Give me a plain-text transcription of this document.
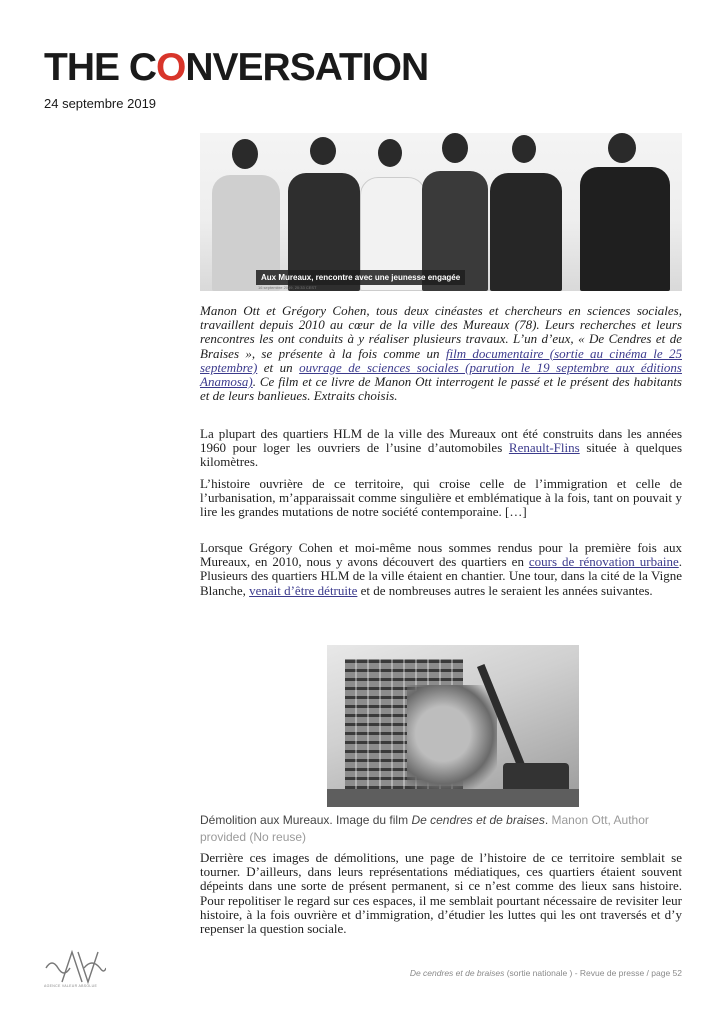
THE CONVERSATION
24 septembre 2019
Aux Mureaux, rencontre avec une jeunesse engagée
16 septembre 2019, 20:33 CEST
Manon Ott et Grégory Cohen, tous deux cinéastes et chercheurs en sciences sociales, travaillent depuis 2010 au cœur de la ville des Mureaux (78). Leurs recherches et leurs rencontres les ont conduits à y réaliser plusieurs travaux. L’un d’eux, « De Cendres et de Braises », se présente à la fois comme un film documentaire (sortie au cinéma le 25 septembre) et un ouvrage de sciences sociales (parution le 19 septembre aux éditions Anamosa). Ce film et ce livre de Manon Ott interrogent le passé et le présent des habitants et de leurs banlieues. Extraits choisis.
La plupart des quartiers HLM de la ville des Mureaux ont été construits dans les années 1960 pour loger les ouvriers de l’usine d’automobiles Renault-Flins située à quelques kilomètres.
L’histoire ouvrière de ce territoire, qui croise celle de l’immigration et celle de l’urbanisation, m’apparaissait comme singulière et emblématique à la fois, tant on pouvait y lire les grandes mutations de notre société contemporaine. […]
Lorsque Grégory Cohen et moi-même nous sommes rendus pour la première fois aux Mureaux, en 2010, nous y avons découvert des quartiers en cours de rénovation urbaine. Plusieurs des quartiers HLM de la ville étaient en chantier. Une tour, dans la cité de la Vigne Blanche, venait d’être détruite et de nombreuses autres le seraient les années suivantes.
Démolition aux Mureaux. Image du film De cendres et de braises. Manon Ott, Author provided (No reuse)
Derrière ces images de démolitions, une page de l’histoire de ce territoire semblait se tourner. D’ailleurs, dans leurs représentations médiatiques, ces quartiers étaient souvent dépeints dans une sorte de présent permanent, si ce n’est comme des lieux sans histoire. Pour repolitiser le regard sur ces espaces, il me semblait pourtant nécessaire de revisiter leur histoire, à la fois ouvrière et d’immigration, d’étudier les luttes qui les ont traversés et d’y repenser la question sociale.
AGENCE VALEUR ABSOLUE
De cendres et de braises (sortie nationale ) - Revue de presse / page 52
